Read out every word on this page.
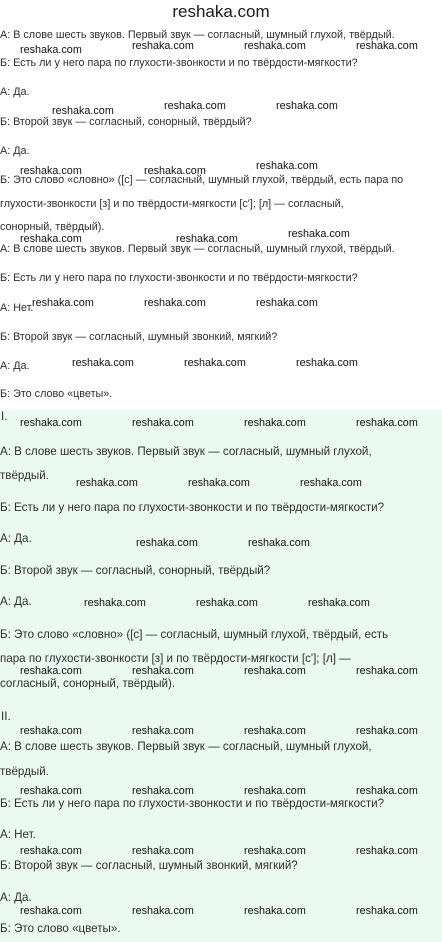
reshaka.com
А: В слове шесть звуков. Первый звук — согласный, шумный глухой, твёрдый.
Б: Есть ли у него пара по глухости-звонкости и по твёрдости-мягкости?
А: Да.
Б: Второй звук — согласный, сонорный, твёрдый?
А: Да.
Б: Это слово «словно» ([с] — согласный, шумный глухой, твёрдый, есть пара по
глухости-звонкости [з] и по твёрдости-мягкости [с']; [л] — согласный,
сонорный, твёрдый).
А: В слове шесть звуков. Первый звук — согласный, шумный глухой, твёрдый.
Б: Есть ли у него пара по глухости-звонкости и по твёрдости-мягкости?
А: Нет.
Б: Второй звук — согласный, шумный звонкий, мягкий?
А: Да.
Б: Это слово «цветы».
I.
А: В слове шесть звуков. Первый звук — согласный, шумный глухой,
твёрдый.
Б: Есть ли у него пара по глухости-звонкости и по твёрдости-мягкости?
А: Да.
Б: Второй звук — согласный, сонорный, твёрдый?
А: Да.
Б: Это слово «словно» ([с] — согласный, шумный глухой, твёрдый, есть
пара по глухости-звонкости [з] и по твёрдости-мягкости [с']; [л] —
согласный, сонорный, твёрдый).
II.
А: В слове шесть звуков. Первый звук — согласный, шумный глухой,
твёрдый.
Б: Есть ли у него пара по глухости-звонкости и по твёрдости-мягкости?
А: Нет.
Б: Второй звук — согласный, шумный звонкий, мягкий?
А: Да.
Б: Это слово «цветы».
reshaka.com	reshaka.com	reshaka.com	reshaka.com
reshaka.com	reshaka.com	reshaka.com
reshaka.com	reshaka.com	reshaka.com
reshaka.com	reshaka.com	reshaka.com
reshaka.com	reshaka.com	reshaka.com
reshaka.com	reshaka.com	reshaka.com
reshaka.com	reshaka.com	reshaka.com	reshaka.com
reshaka.com	reshaka.com	reshaka.com
reshaka.com	reshaka.com
reshaka.com	reshaka.com	reshaka.com
reshaka.com	reshaka.com	reshaka.com	reshaka.com
reshaka.com	reshaka.com	reshaka.com	reshaka.com
reshaka.com	reshaka.com	reshaka.com	reshaka.com
reshaka.com	reshaka.com	reshaka.com	reshaka.com
reshaka.com	reshaka.com	reshaka.com	reshaka.com
